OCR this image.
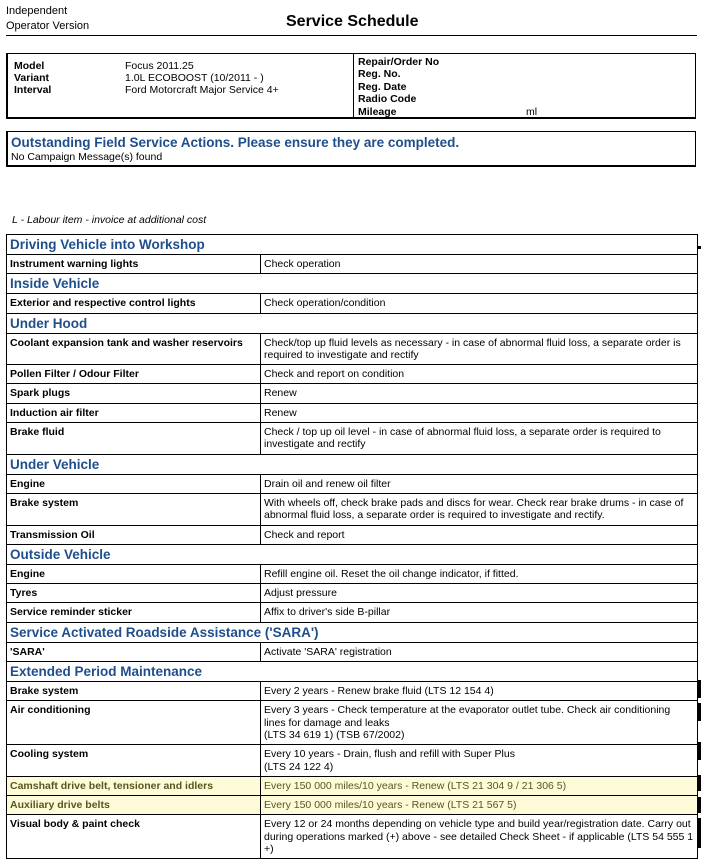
Independent
Operator Version	Service Schedule
Model	Focus 2011.25
Variant	1.0L ECOBOOST (10/2011 - )
Interval	Ford Motorcraft Major Service 4+
Repair/Order No
Reg. No.
Reg. Date
Radio Code
Mileage	ml
Outstanding Field Service Actions. Please ensure they are completed.
No Campaign Message(s) found
L - Labour item - invoice at additional cost
Driving Vehicle into Workshop	
Instrument warning lights	Check operation

Inside Vehicle	
Exterior and respective control lights	Check operation/condition

Under Hood	
Coolant expansion tank and washer reservoirs	Check/top up fluid levels as necessary - in case of abnormal fluid loss, a separate order is required to investigate and rectify

Pollen Filter / Odour Filter	Check and report on condition

Spark plugs	Renew

Induction air filter	Renew

Brake fluid	Check / top up oil level - in case of abnormal fluid loss, a separate order is required to investigate and rectify

Under Vehicle	
Engine	Drain oil and renew oil filter

Brake system	With wheels off, check brake pads and discs for wear. Check rear brake drums - in case of abnormal fluid loss, a separate order is required to investigate and rectify.

Transmission Oil	Check and report

Outside Vehicle	
Engine	Refill engine oil. Reset the oil change indicator, if fitted.

Tyres	Adjust pressure

Service reminder sticker	Affix to driver's side B-pillar

Service Activated Roadside Assistance ('SARA')	
'SARA'	Activate 'SARA' registration

Extended Period Maintenance	
Brake system	Every 2 years - Renew brake fluid (LTS 12 154 4)

Air conditioning	Every 3 years - Check temperature at the evaporator outlet tube. Check air conditioning lines for damage and leaks
(LTS 34 619 1) (TSB 67/2002)

Cooling system	Every 10 years - Drain, flush and refill with Super Plus
(LTS 24 122 4)

Camshaft drive belt, tensioner and idlers	Every 150 000 miles/10 years - Renew (LTS 21 304 9 / 21 306 5)

Auxiliary drive belts	Every 150 000 miles/10 years - Renew (LTS 21 567 5)

Visual body & paint check	Every 12 or 24 months depending on vehicle type and build year/registration date. Carry out during operations marked (+) above - see detailed Check Sheet - if applicable (LTS 54 555 1 +)
